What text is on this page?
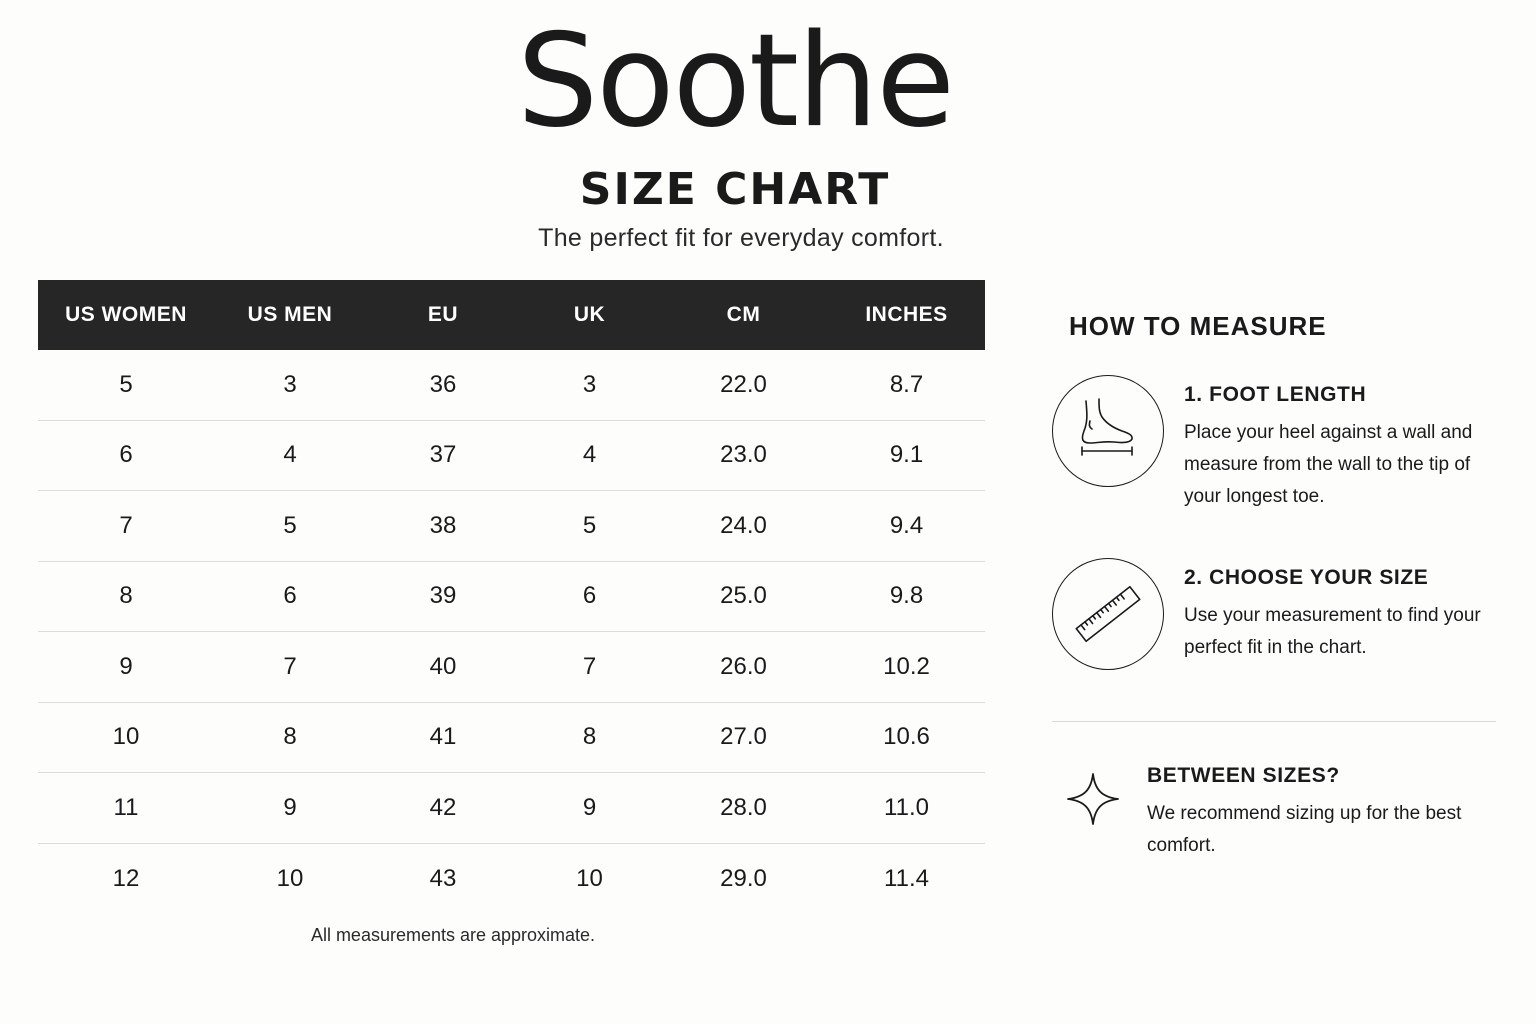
Soothe
SIZE CHART
The perfect fit for everyday comfort.
US WOMEN	US MEN	EU	UK	CM	INCHES
5	3	36	3	22.0	8.7
6	4	37	4	23.0	9.1
7	5	38	5	24.0	9.4
8	6	39	6	25.0	9.8
9	7	40	7	26.0	10.2
10	8	41	8	27.0	10.6
11	9	42	9	28.0	11.0
12	10	43	10	29.0	11.4
All measurements are approximate.
HOW TO MEASURE
1. FOOT LENGTH
Place your heel against a wall and measure from the wall to the tip of your longest toe.
2. CHOOSE YOUR SIZE
Use your measurement to find your perfect fit in the chart.
BETWEEN SIZES?
We recommend sizing up for the best comfort.
